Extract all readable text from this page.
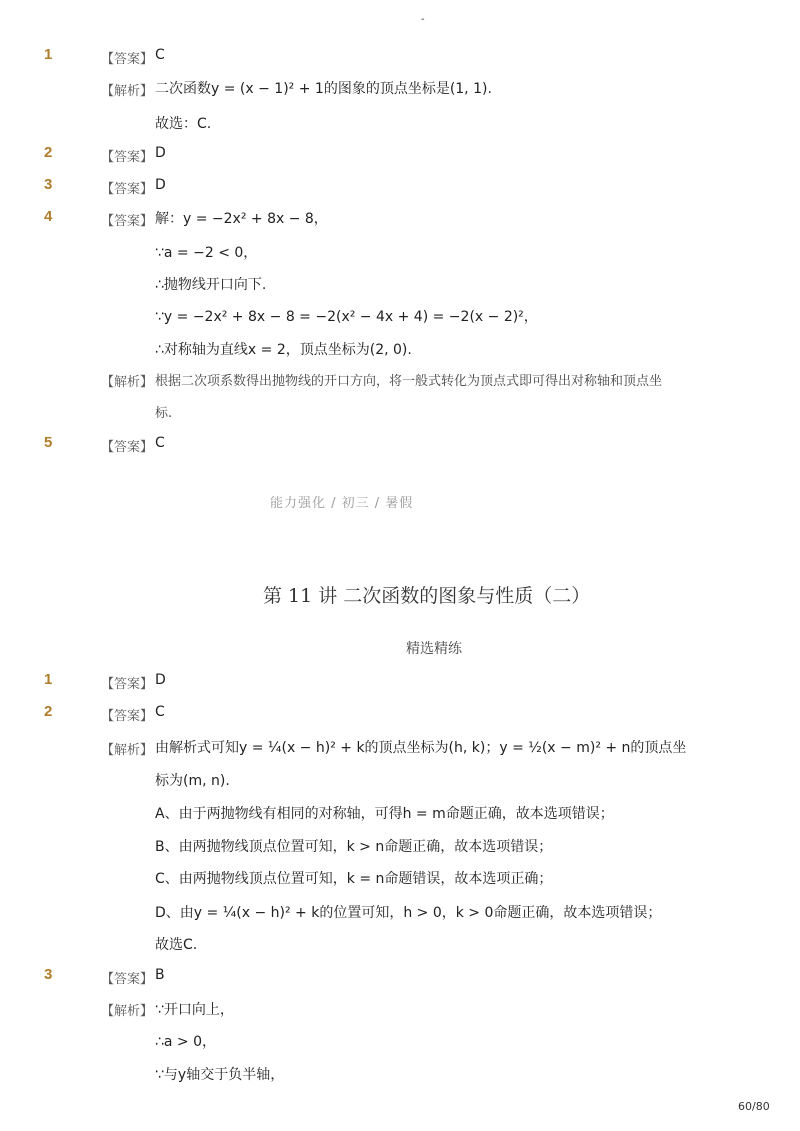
-
1	【答案】 C
【解析】 二次函数y = (x − 1)² + 1的图象的顶点坐标是(1, 1).
故选：C.
2	【答案】 D
3	【答案】 D
4	【答案】 解：y = −2x² + 8x − 8，
∵a = −2 < 0，
∴抛物线开口向下.
∵y = −2x² + 8x − 8 = −2(x² − 4x + 4) = −2(x − 2)²，
∴对称轴为直线x = 2，顶点坐标为(2, 0).
【解析】 根据二次项系数得出抛物线的开口方向，将一般式转化为顶点式即可得出对称轴和顶点坐
标.
5	【答案】 C
能力强化 / 初三 / 暑假
第 11 讲 二次函数的图象与性质（二）
精选精练
1	【答案】 D
2	【答案】 C
【解析】 由解析式可知y = ¼(x − h)² + k的顶点坐标为(h, k)；y = ½(x − m)² + n的顶点坐
标为(m, n).
A、由于两抛物线有相同的对称轴，可得h = m命题正确，故本选项错误；
B、由两抛物线顶点位置可知，k > n命题正确，故本选项错误；
C、由两抛物线顶点位置可知，k = n命题错误，故本选项正确；
D、由y = ¼(x − h)² + k的位置可知，h > 0，k > 0命题正确，故本选项错误；
故选C.
3	【答案】 B
【解析】 ∵开口向上，
∴a > 0，
∵与y轴交于负半轴，
60/80
